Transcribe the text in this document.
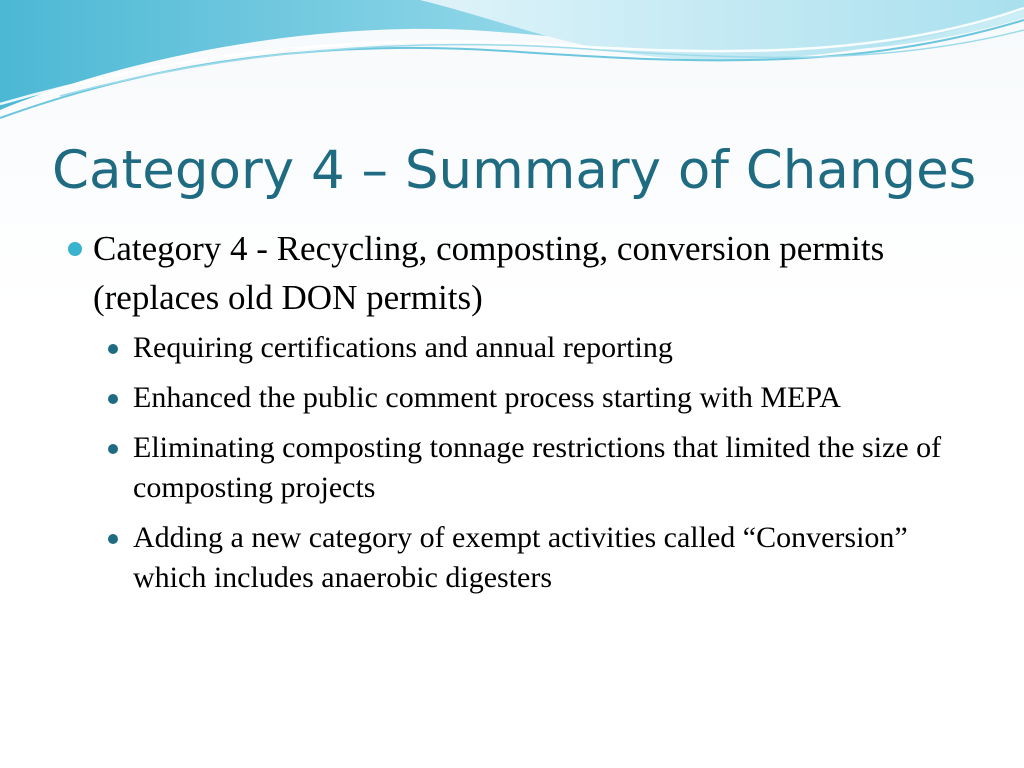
Category 4 – Summary of Changes
Category 4 - Recycling, composting, conversion permits (replaces old DON permits)
Requiring certifications and annual reporting
Enhanced the public comment process starting with MEPA
Eliminating composting tonnage restrictions that limited the size of composting projects
Adding a new category of exempt activities called “Conversion” which includes anaerobic digesters
